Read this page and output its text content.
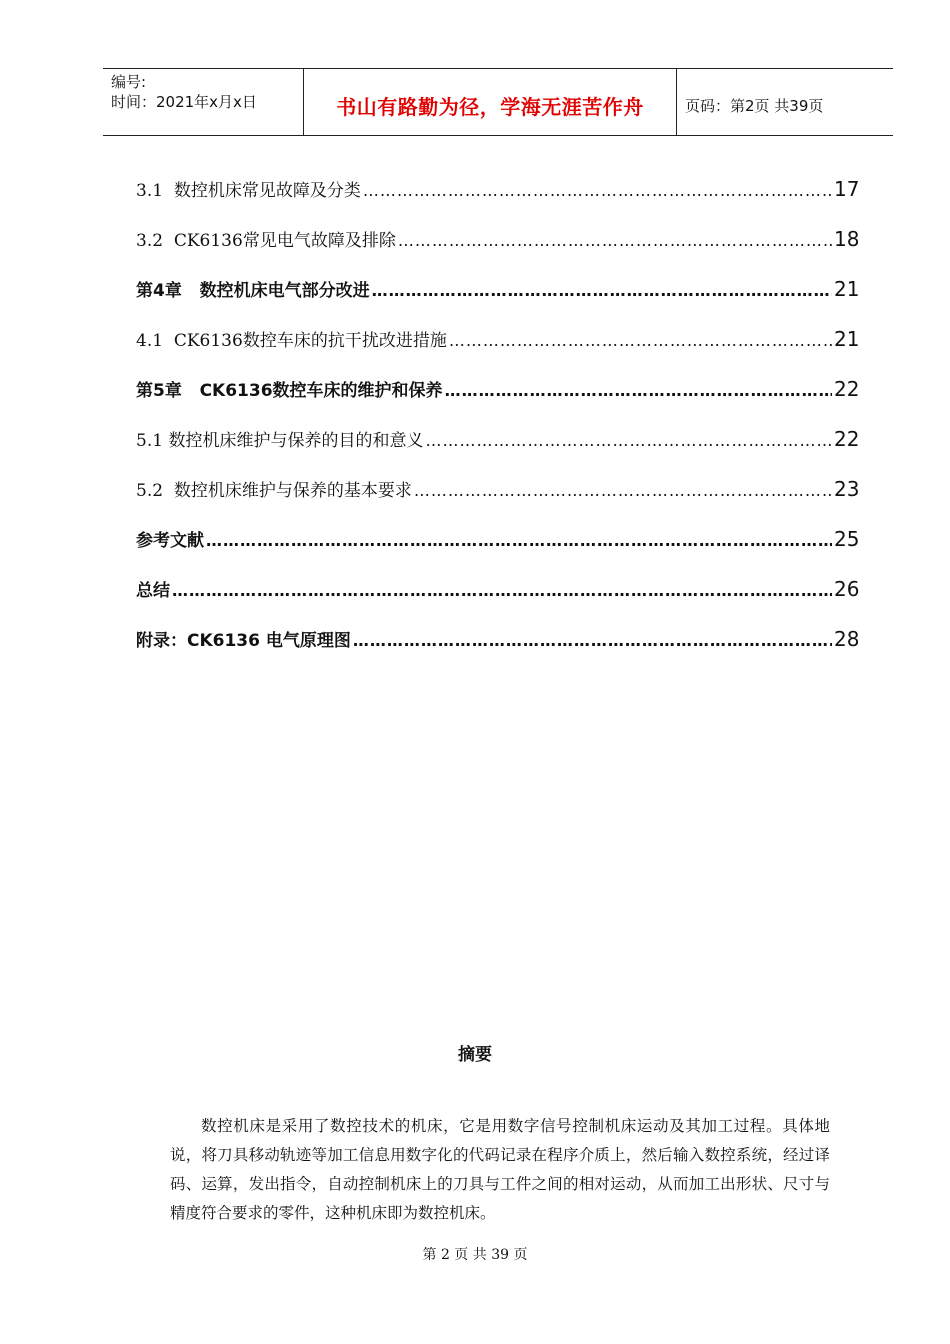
编号:
时间：2021年x月x日	书山有路勤为径，学海无涯苦作舟	页码：第2页 共39页
3.1  数控机床常见故障及分类 ……………………………………………………………………………………………………………………………………………………	17
3.2  CK6136常见电气故障及排除 ……………………………………………………………………………………………………………………………………………………	18
第4章   数控机床电气部分改进 ……………………………………………………………………………………………………………………………………………………	21
4.1  CK6136数控车床的抗干扰改进措施 ……………………………………………………………………………………………………………………………………………………	21
第5章   CK6136数控车床的维护和保养 ……………………………………………………………………………………………………………………………………………………	22
5.1 数控机床维护与保养的目的和意义 ……………………………………………………………………………………………………………………………………………………	22
5.2  数控机床维护与保养的基本要求 ……………………………………………………………………………………………………………………………………………………	23
参考文献 ……………………………………………………………………………………………………………………………………………………	25
总结 ……………………………………………………………………………………………………………………………………………………	26
附录：CK6136 电气原理图 ……………………………………………………………………………………………………………………………………………………	28
摘要

数控机床是采用了数控技术的机床，它是用数字信号控制机床运动及其加工过程。具体地说，将刀具移动轨迹等加工信息用数字化的代码记录在程序介质上，然后输入数控系统，经过译码、运算，发出指令，自动控制机床上的刀具与工件之间的相对运动，从而加工出形状、尺寸与精度符合要求的零件，这种机床即为数控机床。

第 2 页 共 39 页
